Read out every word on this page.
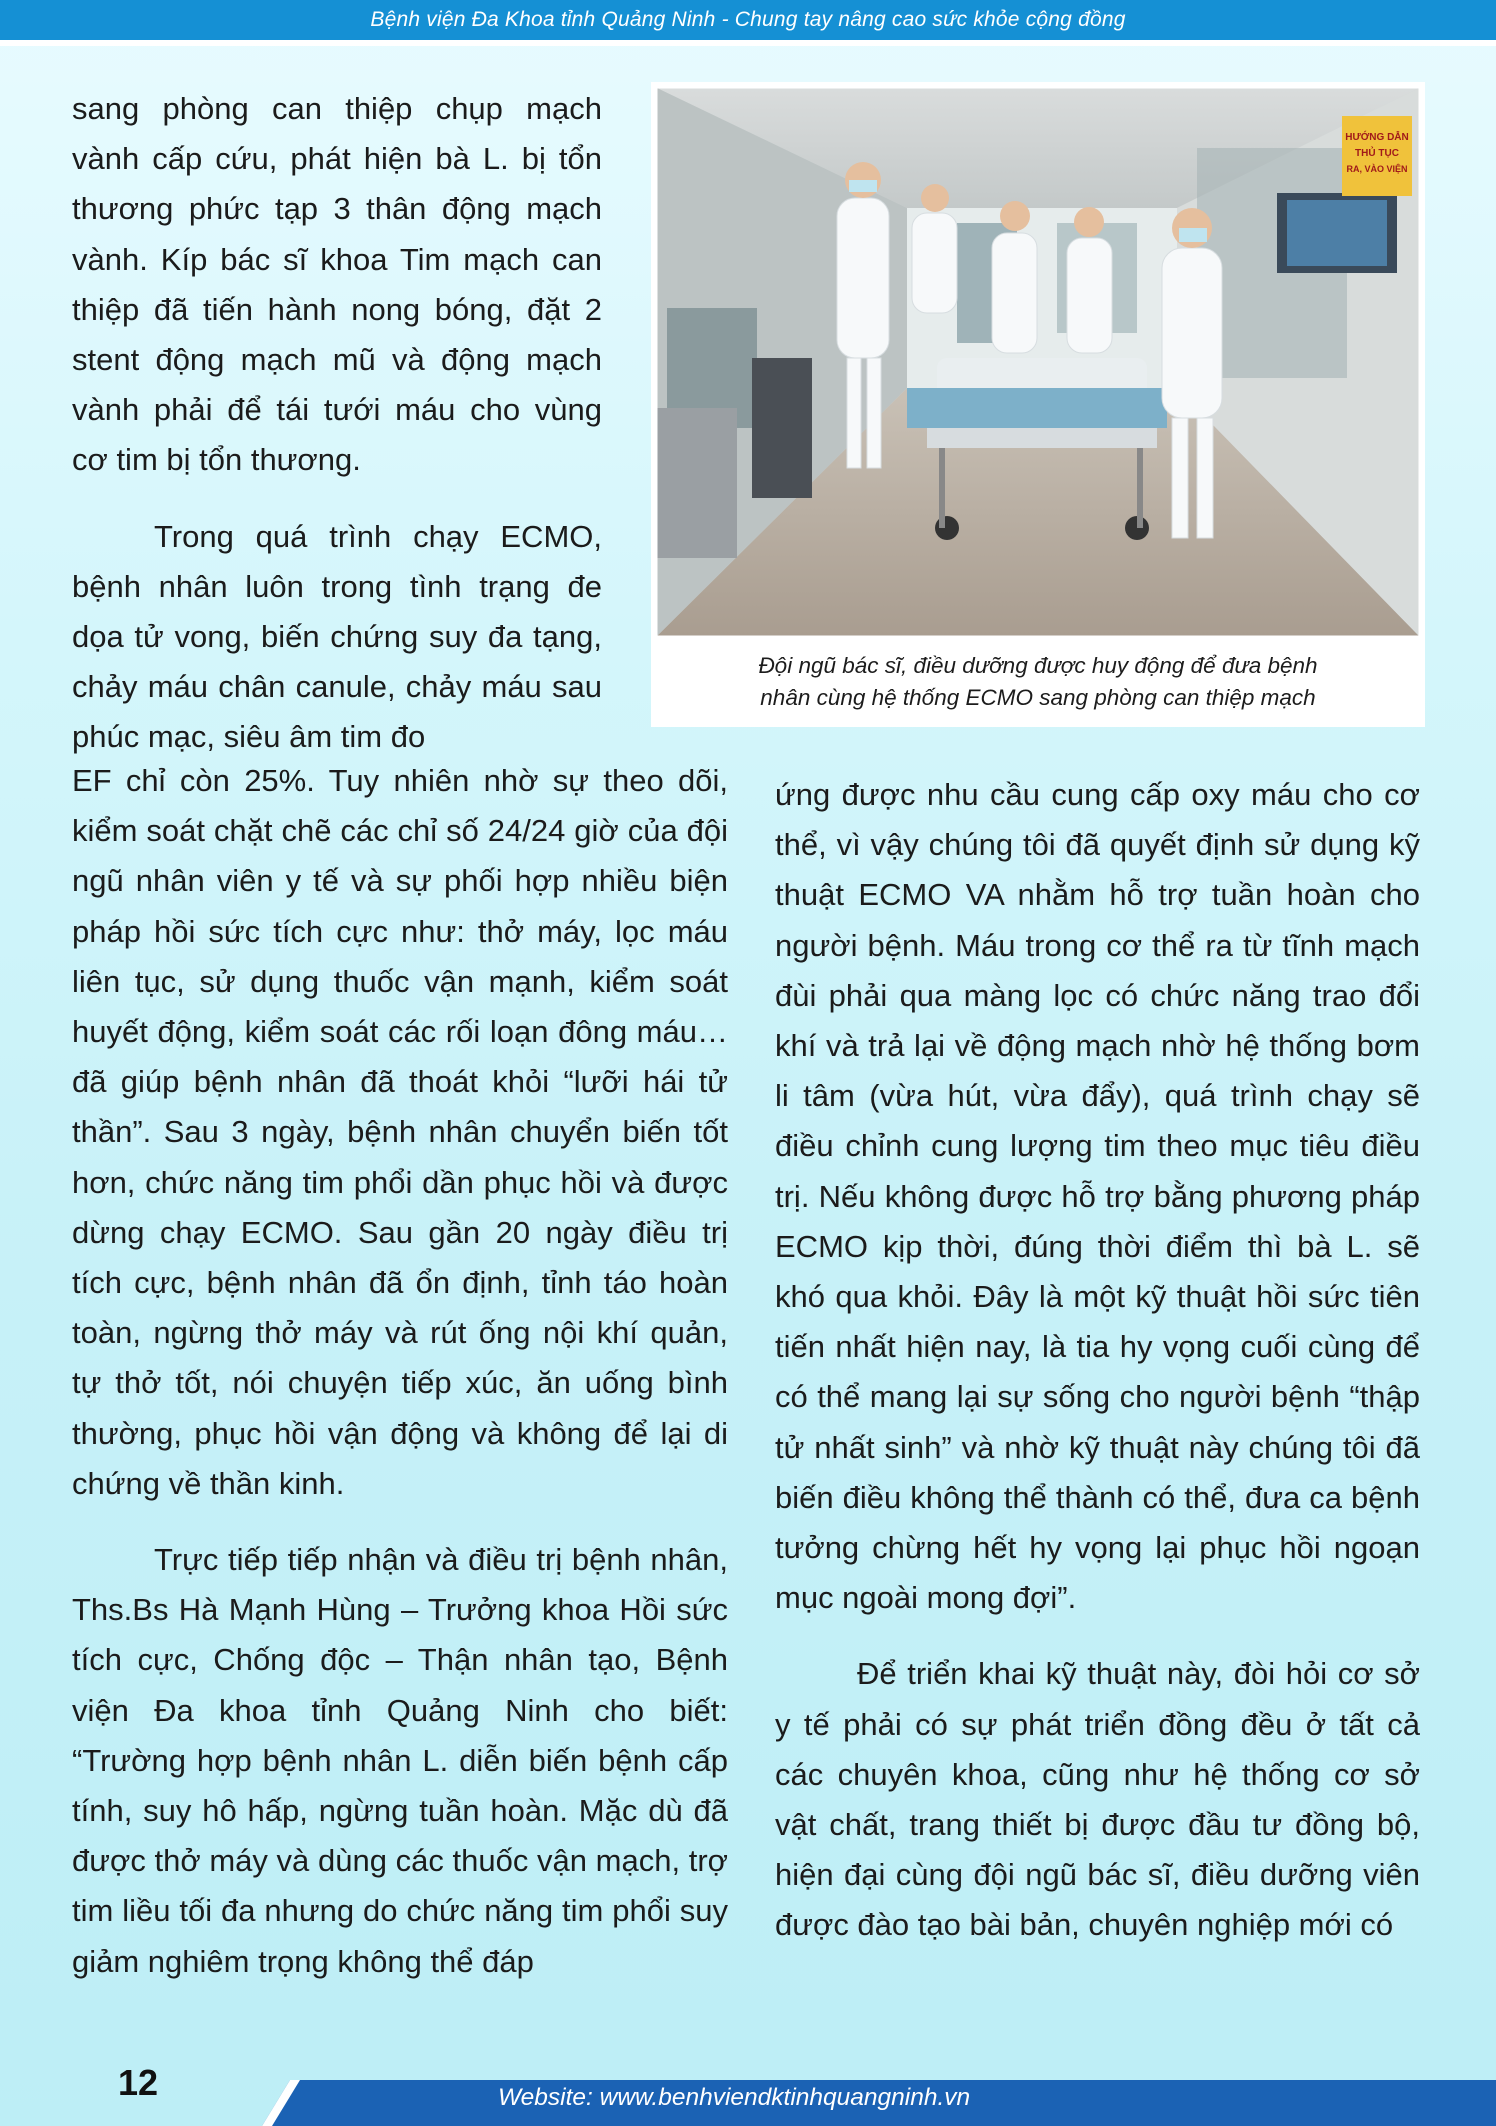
Bệnh viện Đa Khoa tỉnh Quảng Ninh - Chung tay nâng cao sức khỏe cộng đồng

sang phòng can thiệp chụp mạch vành cấp cứu, phát hiện bà L. bị tổn thương phức tạp 3 thân động mạch vành. Kíp bác sĩ khoa Tim mạch can thiệp đã tiến hành nong bóng, đặt 2 stent động mạch mũ và động mạch vành phải để tái tưới máu cho vùng cơ tim bị tổn thương.

Trong quá trình chạy ECMO, bệnh nhân luôn trong tình trạng đe dọa tử vong, biến chứng suy đa tạng, chảy máu chân canule, chảy máu sau phúc mạc, siêu âm tim đo

HƯỚNG DẪN
THỦ TỤC
RA, VÀO VIỆN
Đội ngũ bác sĩ, điều dưỡng được huy động để đưa bệnh
nhân cùng hệ thống ECMO sang phòng can thiệp mạch

EF chỉ còn 25%. Tuy nhiên nhờ sự theo dõi, kiểm soát chặt chẽ các chỉ số 24/24 giờ của đội ngũ nhân viên y tế và sự phối hợp nhiều biện pháp hồi sức tích cực như: thở máy, lọc máu liên tục, sử dụng thuốc vận mạnh, kiểm soát huyết động, kiểm soát các rối loạn đông máu… đã giúp bệnh nhân đã thoát khỏi “lưỡi hái tử thần”. Sau 3 ngày, bệnh nhân chuyển biến tốt hơn, chức năng tim phổi dần phục hồi và được dừng chạy ECMO. Sau gần 20 ngày điều trị tích cực, bệnh nhân đã ổn định, tỉnh táo hoàn toàn, ngừng thở máy và rút ống nội khí quản, tự thở tốt, nói chuyện tiếp xúc, ăn uống bình thường, phục hồi vận động và không để lại di chứng về thần kinh.

Trực tiếp tiếp nhận và điều trị bệnh nhân, Ths.Bs Hà Mạnh Hùng – Trưởng khoa Hồi sức tích cực, Chống độc – Thận nhân tạo, Bệnh viện Đa khoa tỉnh Quảng Ninh cho biết: “Trường hợp bệnh nhân L. diễn biến bệnh cấp tính, suy hô hấp, ngừng tuần hoàn. Mặc dù đã được thở máy và dùng các thuốc vận mạch, trợ tim liều tối đa nhưng do chức năng tim phổi suy giảm nghiêm trọng không thể đáp

ứng được nhu cầu cung cấp oxy máu cho cơ thể, vì vậy chúng tôi đã quyết định sử dụng kỹ thuật ECMO VA nhằm hỗ trợ tuần hoàn cho người bệnh. Máu trong cơ thể ra từ tĩnh mạch đùi phải qua màng lọc có chức năng trao đổi khí và trả lại về động mạch nhờ hệ thống bơm li tâm (vừa hút, vừa đẩy), quá trình chạy sẽ điều chỉnh cung lượng tim theo mục tiêu điều trị. Nếu không được hỗ trợ bằng phương pháp ECMO kịp thời, đúng thời điểm thì bà L. sẽ khó qua khỏi. Đây là một kỹ thuật hồi sức tiên tiến nhất hiện nay, là tia hy vọng cuối cùng để có thể mang lại sự sống cho người bệnh “thập tử nhất sinh” và nhờ kỹ thuật này chúng tôi đã biến điều không thể thành có thể, đưa ca bệnh tưởng chừng hết hy vọng lại phục hồi ngoạn mục ngoài mong đợi”.

Để triển khai kỹ thuật này, đòi hỏi cơ sở y tế phải có sự phát triển đồng đều ở tất cả các chuyên khoa, cũng như hệ thống cơ sở vật chất, trang thiết bị được đầu tư đồng bộ, hiện đại cùng đội ngũ bác sĩ, điều dưỡng viên được đào tạo bài bản, chuyên nghiệp mới có

12	Website: www.benhviendktinhquangninh.vn
